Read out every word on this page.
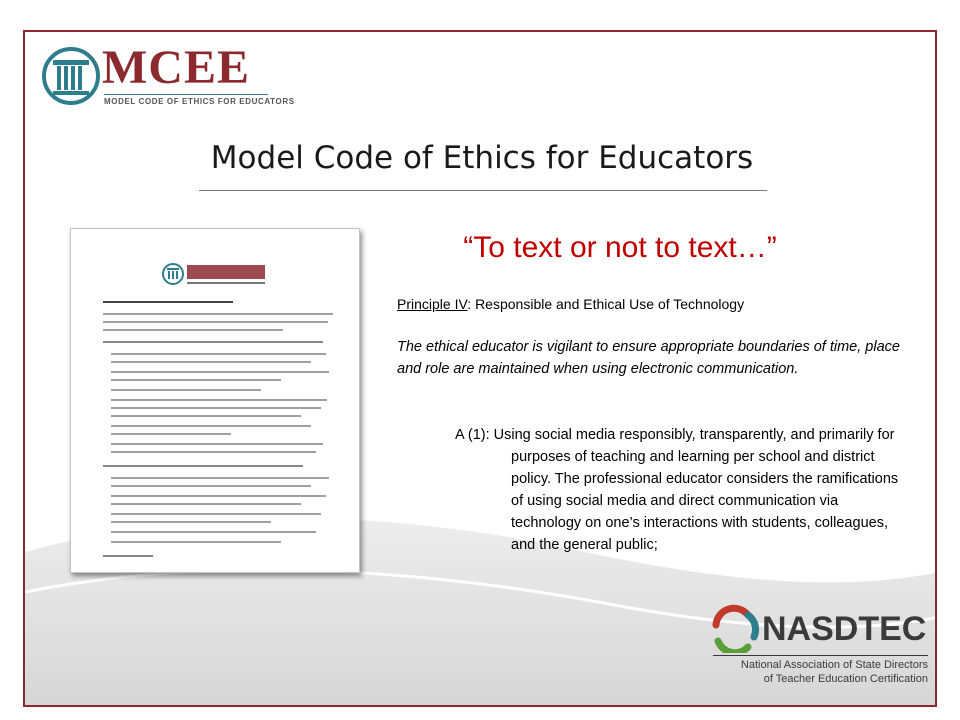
MCEE
MODEL CODE OF ETHICS FOR EDUCATORS
Model Code of Ethics for Educators
“To text or not to text…”
Principle IV: Responsible and Ethical Use of Technology
The ethical educator is vigilant to ensure appropriate boundaries of time, place and role are maintained when using electronic communication.
A (1): Using social media responsibly, transparently, and primarily for purposes of teaching and learning per school and district policy. The professional educator considers the ramifications of using social media and direct communication via technology on one’s interactions with students, colleagues, and the general public;
NASDTEC
National Association of State Directors
of Teacher Education Certification
